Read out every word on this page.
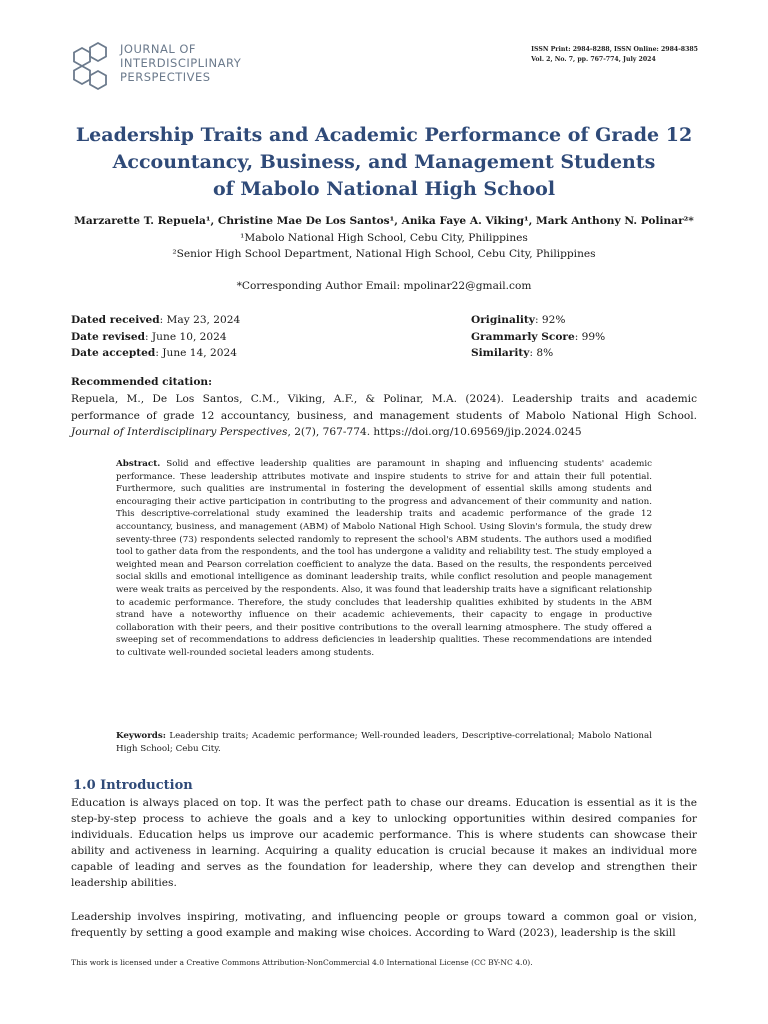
JOURNAL OF
INTERDISCIPLINARY
PERSPECTIVES
ISSN Print: 2984-8288, ISSN Online: 2984-8385
Vol. 2, No. 7, pp. 767-774, July 2024
Leadership Traits and Academic Performance of Grade 12
Accountancy, Business, and Management Students
of Mabolo National High School
Marzarette T. Repuela¹, Christine Mae De Los Santos¹, Anika Faye A. Viking¹, Mark Anthony N. Polinar²*
¹Mabolo National High School, Cebu City, Philippines
²Senior High School Department, National High School, Cebu City, Philippines
*Corresponding Author Email: mpolinar22@gmail.com
Dated received: May 23, 2024
Date revised: June 10, 2024
Date accepted: June 14, 2024
Originality: 92%
Grammarly Score: 99%
Similarity: 8%
Recommended citation:
Repuela, M., De Los Santos, C.M., Viking, A.F., & Polinar, M.A. (2024). Leadership traits and academic
performance of grade 12 accountancy, business, and management students of Mabolo National High School.
Journal of Interdisciplinary Perspectives, 2(7), 767-774. https://doi.org/10.69569/jip.2024.0245
Abstract. Solid and effective leadership qualities are paramount in shaping and influencing students' academic performance. These leadership attributes motivate and inspire students to strive for and attain their full potential. Furthermore, such qualities are instrumental in fostering the development of essential skills among students and encouraging their active participation in contributing to the progress and advancement of their community and nation. This descriptive-correlational study examined the leadership traits and academic performance of the grade 12 accountancy, business, and management (ABM) of Mabolo National High School. Using Slovin's formula, the study drew seventy-three (73) respondents selected randomly to represent the school's ABM students. The authors used a modified tool to gather data from the respondents, and the tool has undergone a validity and reliability test. The study employed a weighted mean and Pearson correlation coefficient to analyze the data. Based on the results, the respondents perceived social skills and emotional intelligence as dominant leadership traits, while conflict resolution and people management were weak traits as perceived by the respondents. Also, it was found that leadership traits have a significant relationship to academic performance. Therefore, the study concludes that leadership qualities exhibited by students in the ABM strand have a noteworthy influence on their academic achievements, their capacity to engage in productive collaboration with their peers, and their positive contributions to the overall learning atmosphere. The study offered a sweeping set of recommendations to address deficiencies in leadership qualities. These recommendations are intended to cultivate well-rounded societal leaders among students.
Keywords: Leadership traits; Academic performance; Well-rounded leaders, Descriptive-correlational; Mabolo National High School; Cebu City.
1.0 Introduction
Education is always placed on top. It was the perfect path to chase our dreams. Education is essential as it is the step-by-step process to achieve the goals and a key to unlocking opportunities within desired companies for individuals. Education helps us improve our academic performance. This is where students can showcase their ability and activeness in learning. Acquiring a quality education is crucial because it makes an individual more capable of leading and serves as the foundation for leadership, where they can develop and strengthen their leadership abilities.
Leadership involves inspiring, motivating, and influencing people or groups toward a common goal or vision, frequently by setting a good example and making wise choices. According to Ward (2023), leadership is the skill
This work is licensed under a Creative Commons Attribution-NonCommercial 4.0 International License (CC BY-NC 4.0).
